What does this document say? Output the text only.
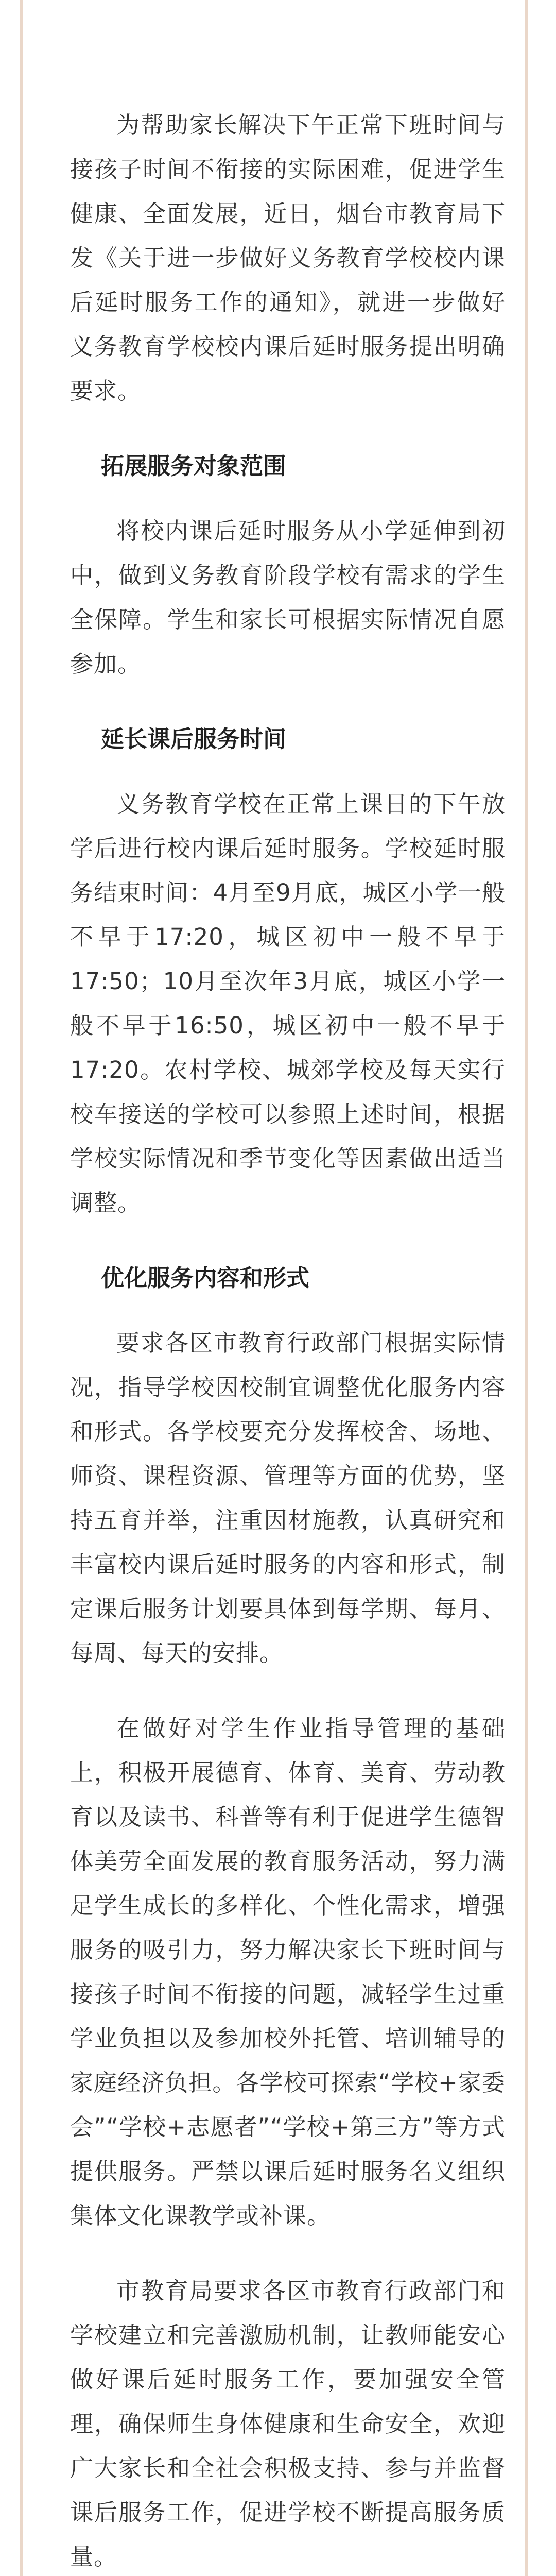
为帮助家长解决下午正常下班时间与接孩子时间不衔接的实际困难，促进学生健康、全面发展，近日，烟台市教育局下发《关于进一步做好义务教育学校校内课后延时服务工作的通知》，就进一步做好义务教育学校校内课后延时服务提出明确要求。

拓展服务对象范围

将校内课后延时服务从小学延伸到初中，做到义务教育阶段学校有需求的学生全保障。学生和家长可根据实际情况自愿参加。

延长课后服务时间

义务教育学校在正常上课日的下午放学后进行校内课后延时服务。学校延时服务结束时间：4月至9月底，城区小学一般不早于17:20，城区初中一般不早于17:50；10月至次年3月底，城区小学一般不早于16:50，城区初中一般不早于17:20。农村学校、城郊学校及每天实行校车接送的学校可以参照上述时间，根据学校实际情况和季节变化等因素做出适当调整。

优化服务内容和形式

要求各区市教育行政部门根据实际情况，指导学校因校制宜调整优化服务内容和形式。各学校要充分发挥校舍、场地、师资、课程资源、管理等方面的优势，坚持五育并举，注重因材施教，认真研究和丰富校内课后延时服务的内容和形式，制定课后服务计划要具体到每学期、每月、每周、每天的安排。

在做好对学生作业指导管理的基础上，积极开展德育、体育、美育、劳动教育以及读书、科普等有利于促进学生德智体美劳全面发展的教育服务活动，努力满足学生成长的多样化、个性化需求，增强服务的吸引力，努力解决家长下班时间与接孩子时间不衔接的问题，减轻学生过重学业负担以及参加校外托管、培训辅导的家庭经济负担。各学校可探索“学校+家委会”“学校+志愿者”“学校+第三方”等方式提供服务。严禁以课后延时服务名义组织集体文化课教学或补课。

市教育局要求各区市教育行政部门和学校建立和完善激励机制，让教师能安心做好课后延时服务工作，要加强安全管理，确保师生身体健康和生命安全，欢迎广大家长和全社会积极支持、参与并监督课后服务工作，促进学校不断提高服务质量。
